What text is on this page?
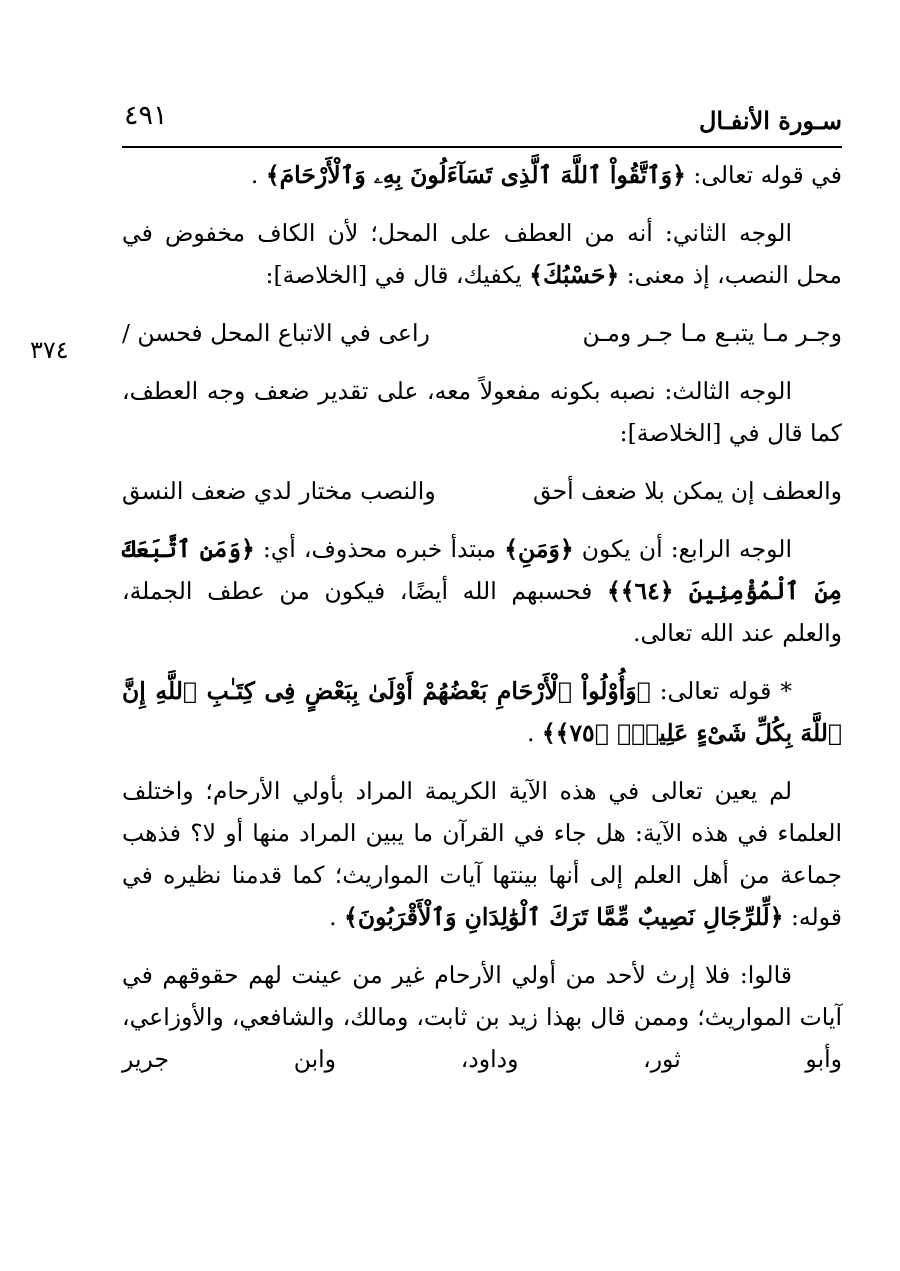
سـورة الأنفـال
٤٩١

في قوله تعالى: ﴿وَٱتَّقُواْ ٱللَّهَ ٱلَّذِى تَسَآءَلُونَ بِهِۦ وَٱلْأَرْحَامَ﴾ .

الوجه الثاني: أنه من العطف على المحل؛ لأن الكاف مخفوض في محل النصب، إذ معنى: ﴿حَسْبُكَ﴾ يكفيك، قال في [الخلاصة]:

وجـر مـا يتبـع مـا جـر ومـن
راعى في الاتباع المحل فحسن /

الوجه الثالث: نصبه بكونه مفعولاً معه، على تقدير ضعف وجه العطف، كما قال في [الخلاصة]:

والعطف إن يمكن بلا ضعف أحق
والنصب مختار لدي ضعف النسق

الوجه الرابع: أن يكون ﴿وَمَنِ﴾ مبتدأ خبره محذوف، أي: ﴿وَمَنِ ٱتَّبَعَكَ مِنَ ٱلْمُؤْمِنِينَ ﴿٦٤﴾﴾ فحسبهم الله أيضًا، فيكون من عطف الجملة، والعلم عند الله تعالى.

* قوله تعالى: ﴿وَأُوْلُواْ ٱلْأَرْحَامِ بَعْضُهُمْ أَوْلَىٰ بِبَعْضٍ فِى كِتَـٰبِ ٱللَّهِ إِنَّ ٱللَّهَ بِكُلِّ شَىْءٍ عَلِيمٌۢ ﴿٧٥﴾﴾ .

لم يعين تعالى في هذه الآية الكريمة المراد بأولي الأرحام؛ واختلف العلماء في هذه الآية: هل جاء في القرآن ما يبين المراد منها أو لا؟ فذهب جماعة من أهل العلم إلى أنها بينتها آيات المواريث؛ كما قدمنا نظيره في قوله: ﴿لِّلرِّجَالِ نَصِيبٌ مِّمَّا تَرَكَ ٱلْوَٰلِدَانِ وَٱلْأَقْرَبُونَ﴾ .

قالوا: فلا إرث لأحد من أولي الأرحام غير من عينت لهم حقوقهم في آيات المواريث؛ وممن قال بهذا زيد بن ثابت، ومالك، والشافعي، والأوزاعي، وأبو ثور، وداود، وابن جرير

٣٧٤
